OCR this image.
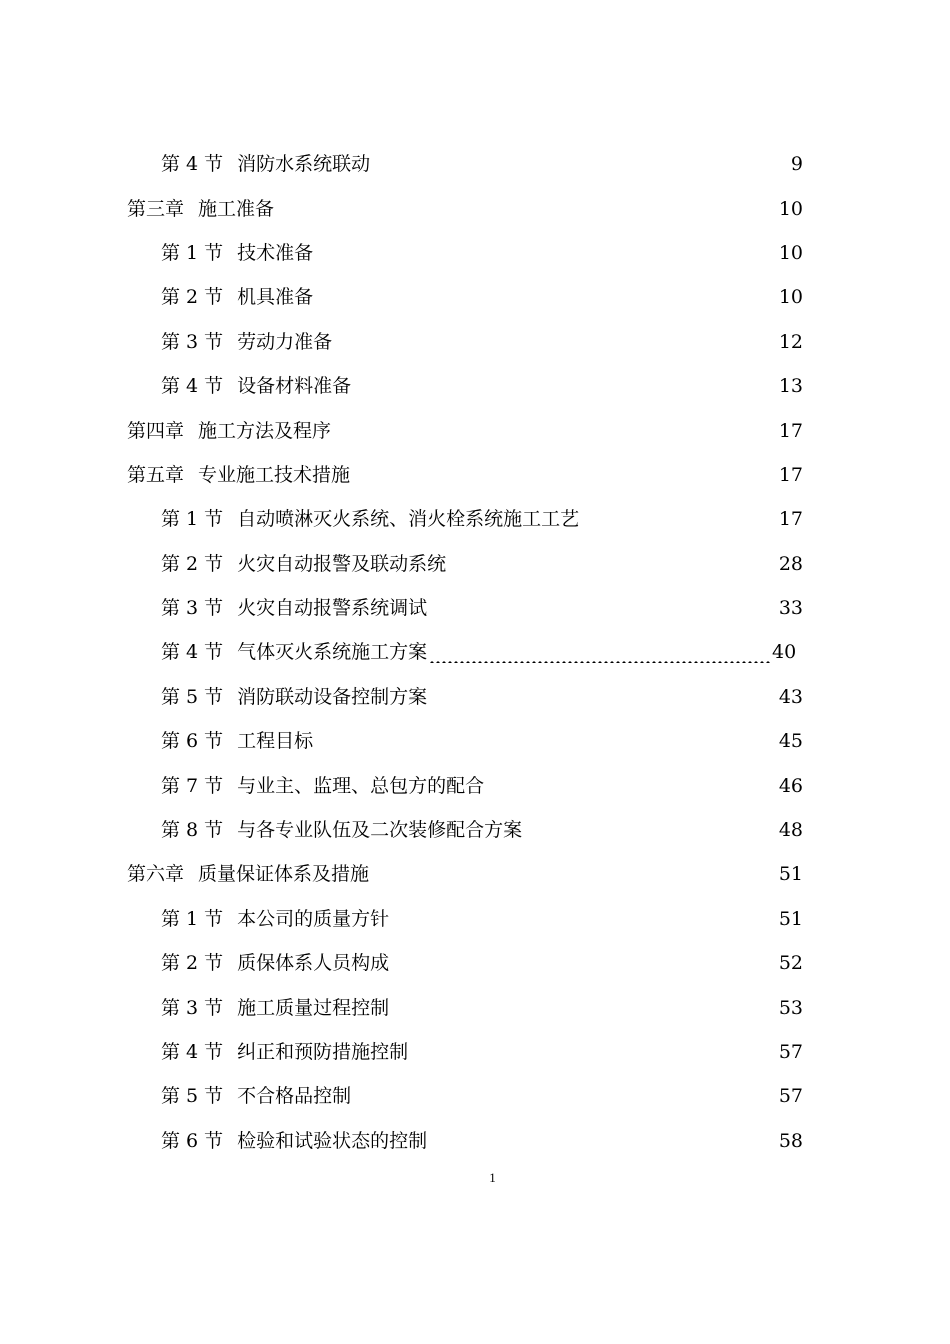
第 4 节 消防水系统联动	9
第三章 施工准备	10
第 1 节 技术准备	10
第 2 节 机具准备	10
第 3 节 劳动力准备	12
第 4 节 设备材料准备	13
第四章 施工方法及程序	17
第五章 专业施工技术措施	17
第 1 节 自动喷淋灭火系统、消火栓系统施工工艺	17
第 2 节 火灾自动报警及联动系统	28
第 3 节 火灾自动报警系统调试	33
第 4 节 气体灭火系统施工方案	40
第 5 节 消防联动设备控制方案	43
第 6 节 工程目标	45
第 7 节 与业主、监理、总包方的配合	46
第 8 节 与各专业队伍及二次装修配合方案	48
第六章 质量保证体系及措施	51
第 1 节 本公司的质量方针	51
第 2 节 质保体系人员构成	52
第 3 节 施工质量过程控制	53
第 4 节 纠正和预防措施控制	57
第 5 节 不合格品控制	57
第 6 节 检验和试验状态的控制	58
1
